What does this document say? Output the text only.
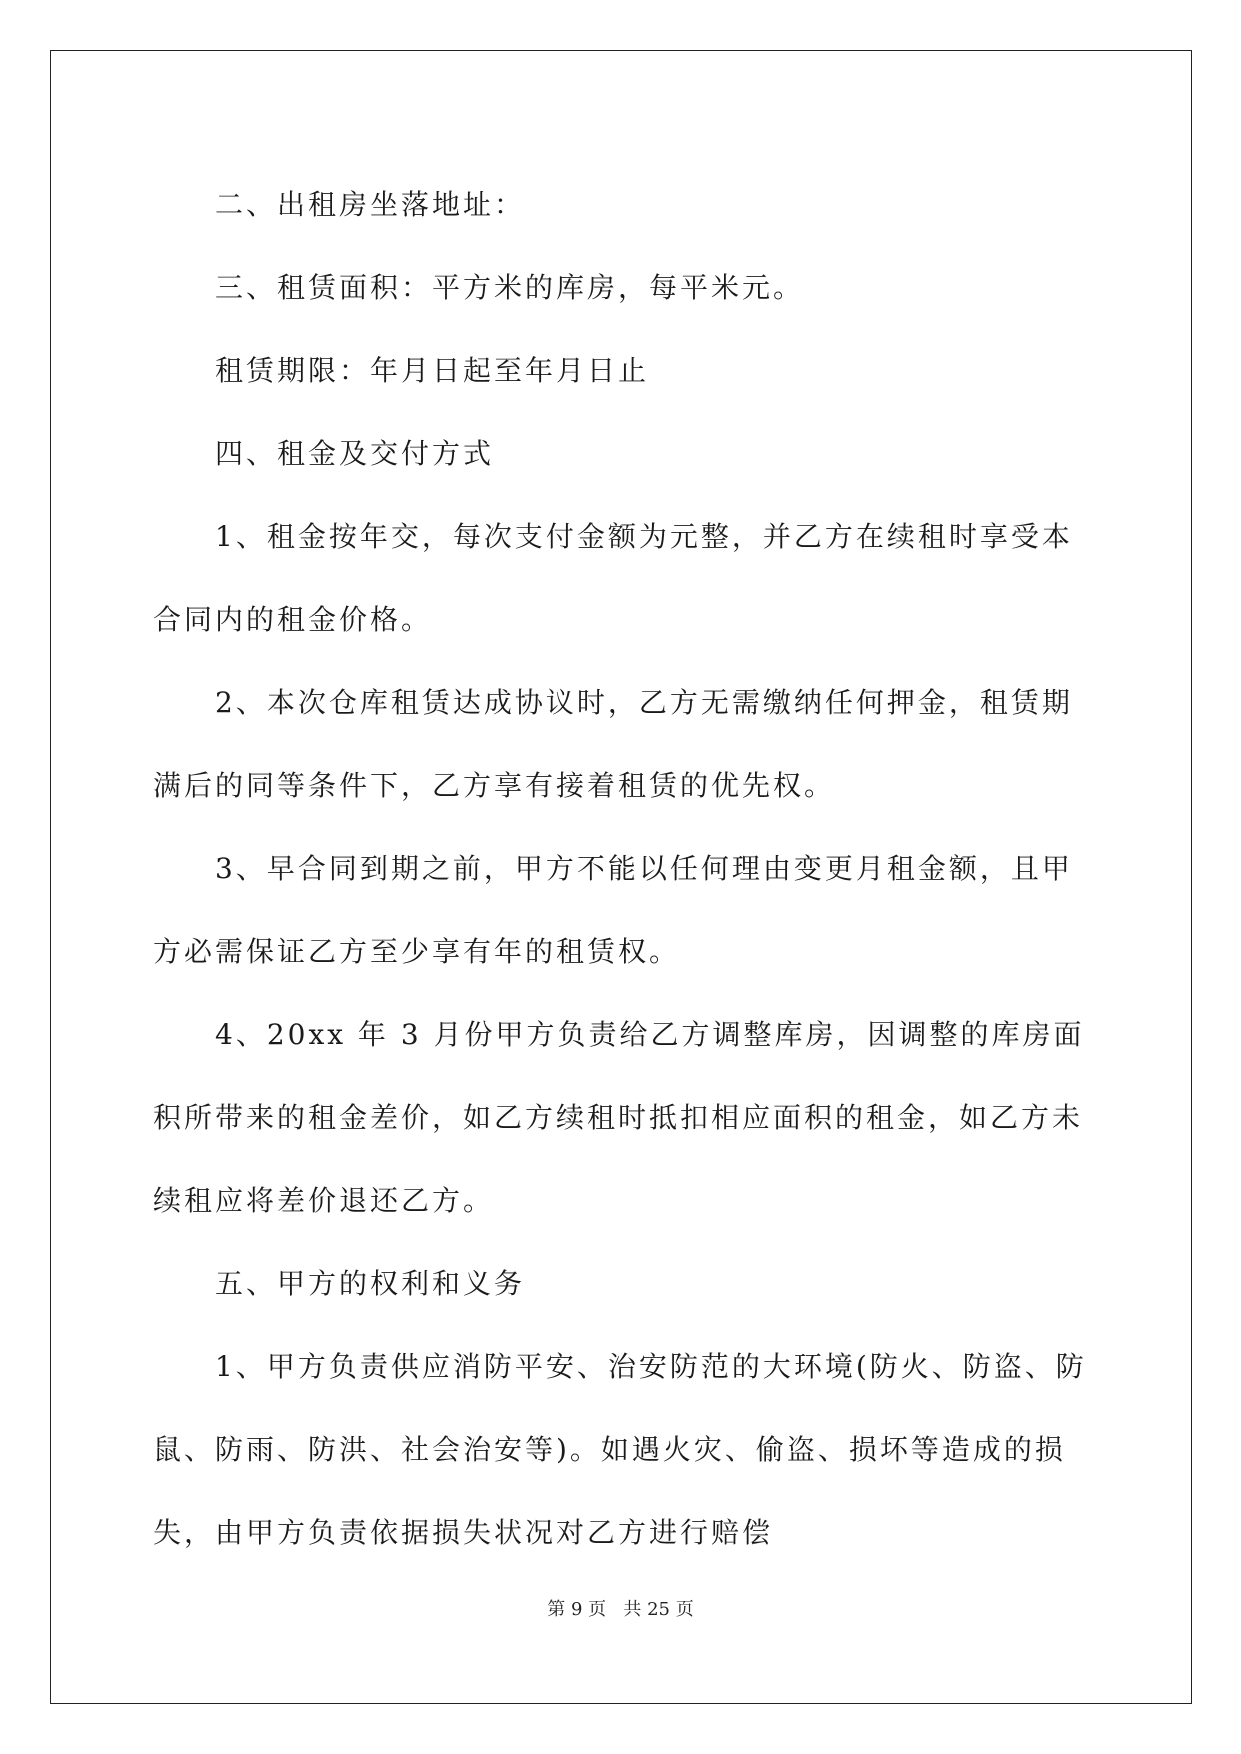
二、出租房坐落地址：

三、租赁面积：平方米的库房，每平米元。

租赁期限：年月日起至年月日止

四、租金及交付方式

1、租金按年交，每次支付金额为元整，并乙方在续租时享受本合同内的租金价格。

2、本次仓库租赁达成协议时，乙方无需缴纳任何押金，租赁期满后的同等条件下，乙方享有接着租赁的优先权。

3、早合同到期之前，甲方不能以任何理由变更月租金额，且甲方必需保证乙方至少享有年的租赁权。

4、20xx 年 3 月份甲方负责给乙方调整库房，因调整的库房面积所带来的租金差价，如乙方续租时抵扣相应面积的租金，如乙方未续租应将差价退还乙方。

五、甲方的权利和义务

1、甲方负责供应消防平安、治安防范的大环境(防火、防盗、防鼠、防雨、防洪、社会治安等)。如遇火灾、偷盗、损坏等造成的损失，由甲方负责依据损失状况对乙方进行赔偿

第 9 页 共 25 页
